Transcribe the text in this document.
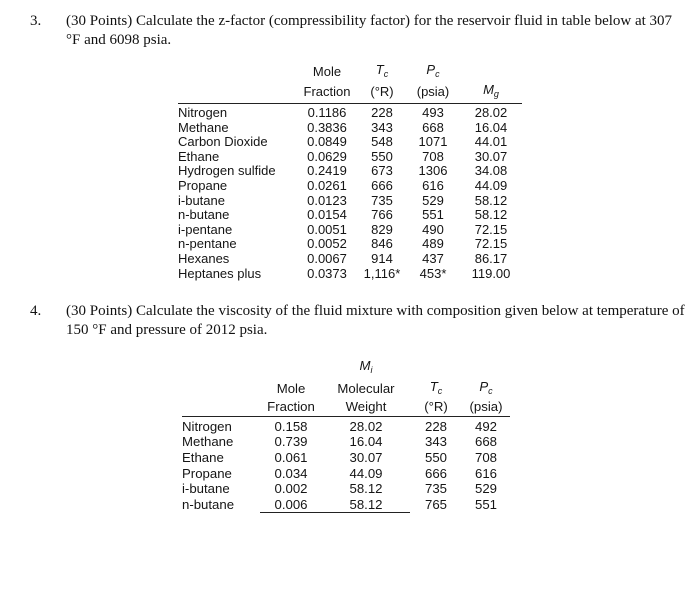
3. (30 Points) Calculate the z-factor (compressibility factor) for the reservoir fluid in table below at 307 °F and 6098 psia.
	Mole	$T_c$	$P_c$	
	Fraction	(°R)	(psia)	$M_g$
Nitrogen	0.1186	228	493	28.02
Methane	0.3836	343	668	16.04
Carbon Dioxide	0.0849	548	1071	44.01
Ethane	0.0629	550	708	30.07
Hydrogen sulfide	0.2419	673	1306	34.08
Propane	0.0261	666	616	44.09
i-butane	0.0123	735	529	58.12
n-butane	0.0154	766	551	58.12
i-pentane	0.0051	829	490	72.15
n-pentane	0.0052	846	489	72.15
Hexanes	0.0067	914	437	86.17
Heptanes plus	0.0373	1,116*	453*	119.00
4. (30 Points) Calculate the viscosity of the fluid mixture with composition given below at temperature of 150 °F and pressure of 2012 psia.
		$M_i$		
	Mole	Molecular	$T_c$	$P_c$
	Fraction	Weight	(°R)	(psia)
Nitrogen	0.158	28.02	228	492
Methane	0.739	16.04	343	668
Ethane	0.061	30.07	550	708
Propane	0.034	44.09	666	616
i-butane	0.002	58.12	735	529
n-butane	0.006	58.12	765	551
